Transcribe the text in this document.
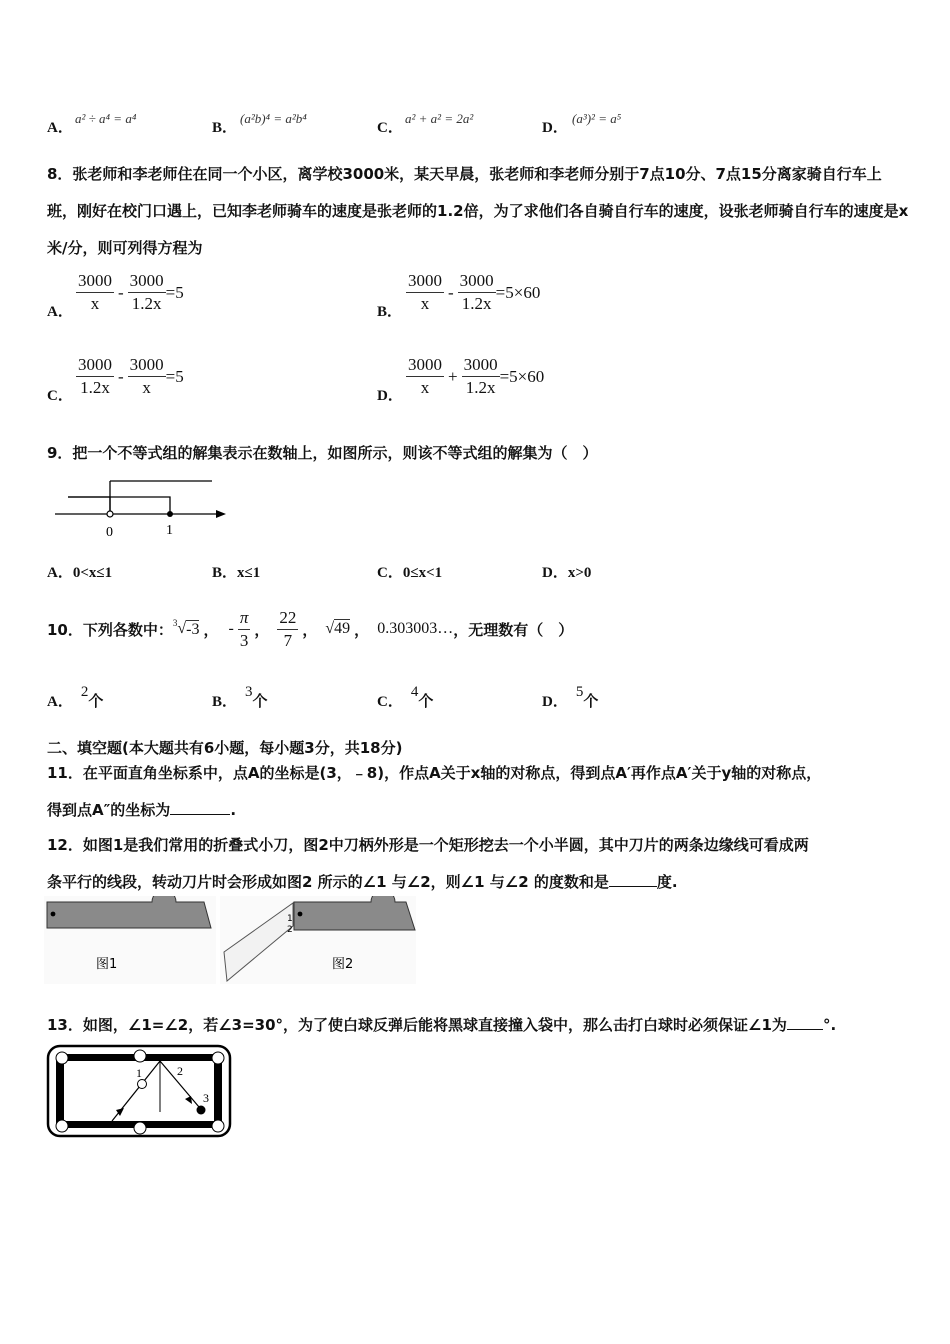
A．
a² ÷ a⁴ = a⁴
B．
(a²b)⁴ = a²b⁴
C．
a² + a² = 2a²
D．
(a³)² = a⁵
8．张老师和李老师住在同一个小区，离学校3000米，某天早晨，张老师和李老师分别于7点10分、7点15分离家骑自行车上班，刚好在校门口遇上，已知李老师骑车的速度是张老师的1.2倍，为了求他们各自骑自行车的速度，设张老师骑自行车的速度是x米/分，则可列得方程为
A． $\frac{3000}{x} - \frac{3000}{1.2x} =5$
B． $\frac{3000}{x} - \frac{3000}{1.2x} =5\times 60$
C． $\frac{3000}{1.2x} - \frac{3000}{x} =5$
D． $\frac{3000}{x} + \frac{3000}{1.2x} =5\times 60$
9．把一个不等式组的解集表示在数轴上，如图所示，则该不等式组的解集为（　）
0	1
A．0<x≤1	B．x≤1	C．0≤x<1	D．x>0
10．下列各数中：$^3$ √ -3 ， - $\frac{\pi}{3}$ ， $\frac{22}{7}$ ， √49 ， 0.303003… ，无理数有（　）
A．2个	B．3个	C．4个	D．5个
二、填空题(本大题共有6小题，每小题3分，共18分)
11．在平面直角坐标系中，点A的坐标是(3，﹣8)，作点A关于x轴的对称点，得到点A′再作点A′关于y轴的对称点，
得到点A″的坐标为	.
12．如图1是我们常用的折叠式小刀，图2中刀柄外形是一个矩形挖去一个小半圆，其中刀片的两条边缘线可看成两
条平行的线段，转动刀片时会形成如图2 所示的∠1 与∠2，则∠1 与∠2 的度数和是	度.
图1
1
2
图2
13．如图，∠1=∠2，若∠3=30°，为了使白球反弹后能将黑球直接撞入袋中，那么击打白球时必须保证∠1为 °.
1	2
3
